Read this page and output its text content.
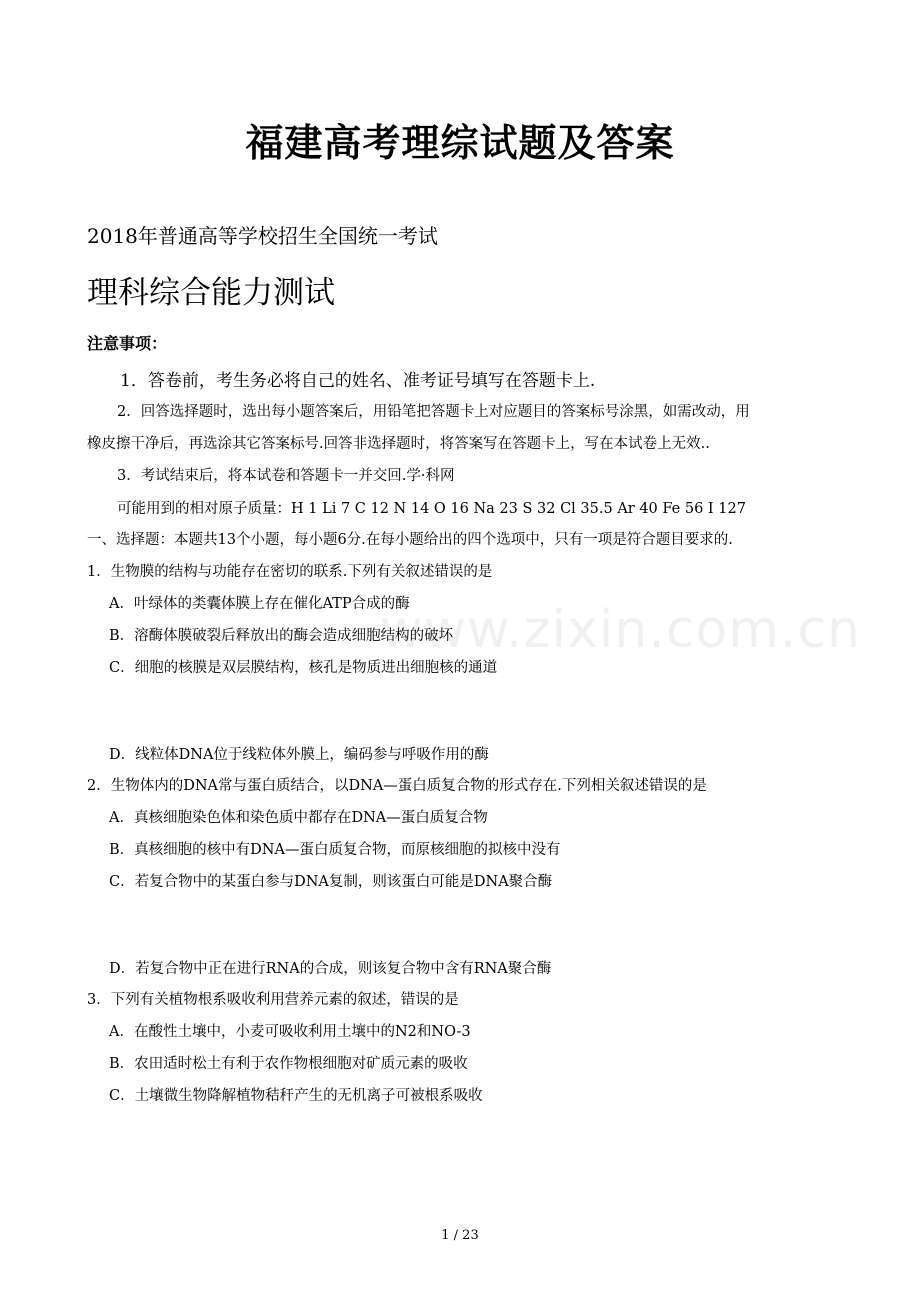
福建高考理综试题及答案
2018年普通高等学校招生全国统一考试
理科综合能力测试
注意事项：
1．答卷前，考生务必将自己的姓名、准考证号填写在答题卡上.
2．回答选择题时，选出每小题答案后，用铅笔把答题卡上对应题目的答案标号涂黑，如需改动，用
橡皮擦干净后，再选涂其它答案标号.回答非选择题时，将答案写在答题卡上，写在本试卷上无效..
3．考试结束后，将本试卷和答题卡一并交回.学·科网
可能用到的相对原子质量：H 1 Li 7 C 12 N 14 O 16 Na 23 S 32 Cl 35.5 Ar 40 Fe 56 I 127
一、选择题：本题共13个小题，每小题6分.在每小题给出的四个选项中，只有一项是符合题目要求的.
1．生物膜的结构与功能存在密切的联系.下列有关叙述错误的是
A．叶绿体的类囊体膜上存在催化ATP合成的酶
B．溶酶体膜破裂后释放出的酶会造成细胞结构的破坏
C．细胞的核膜是双层膜结构，核孔是物质进出细胞核的通道
D．线粒体DNA位于线粒体外膜上，编码参与呼吸作用的酶
2．生物体内的DNA常与蛋白质结合，以DNA—蛋白质复合物的形式存在.下列相关叙述错误的是
A．真核细胞染色体和染色质中都存在DNA—蛋白质复合物
B．真核细胞的核中有DNA—蛋白质复合物，而原核细胞的拟核中没有
C．若复合物中的某蛋白参与DNA复制，则该蛋白可能是DNA聚合酶
D．若复合物中正在进行RNA的合成，则该复合物中含有RNA聚合酶
3．下列有关植物根系吸收利用营养元素的叙述，错误的是
A．在酸性土壤中，小麦可吸收利用土壤中的N2和NO-3
B．农田适时松土有利于农作物根细胞对矿质元素的吸收
C．土壤微生物降解植物秸秆产生的无机离子可被根系吸收
www.zixin.com.cn
1 / 23
